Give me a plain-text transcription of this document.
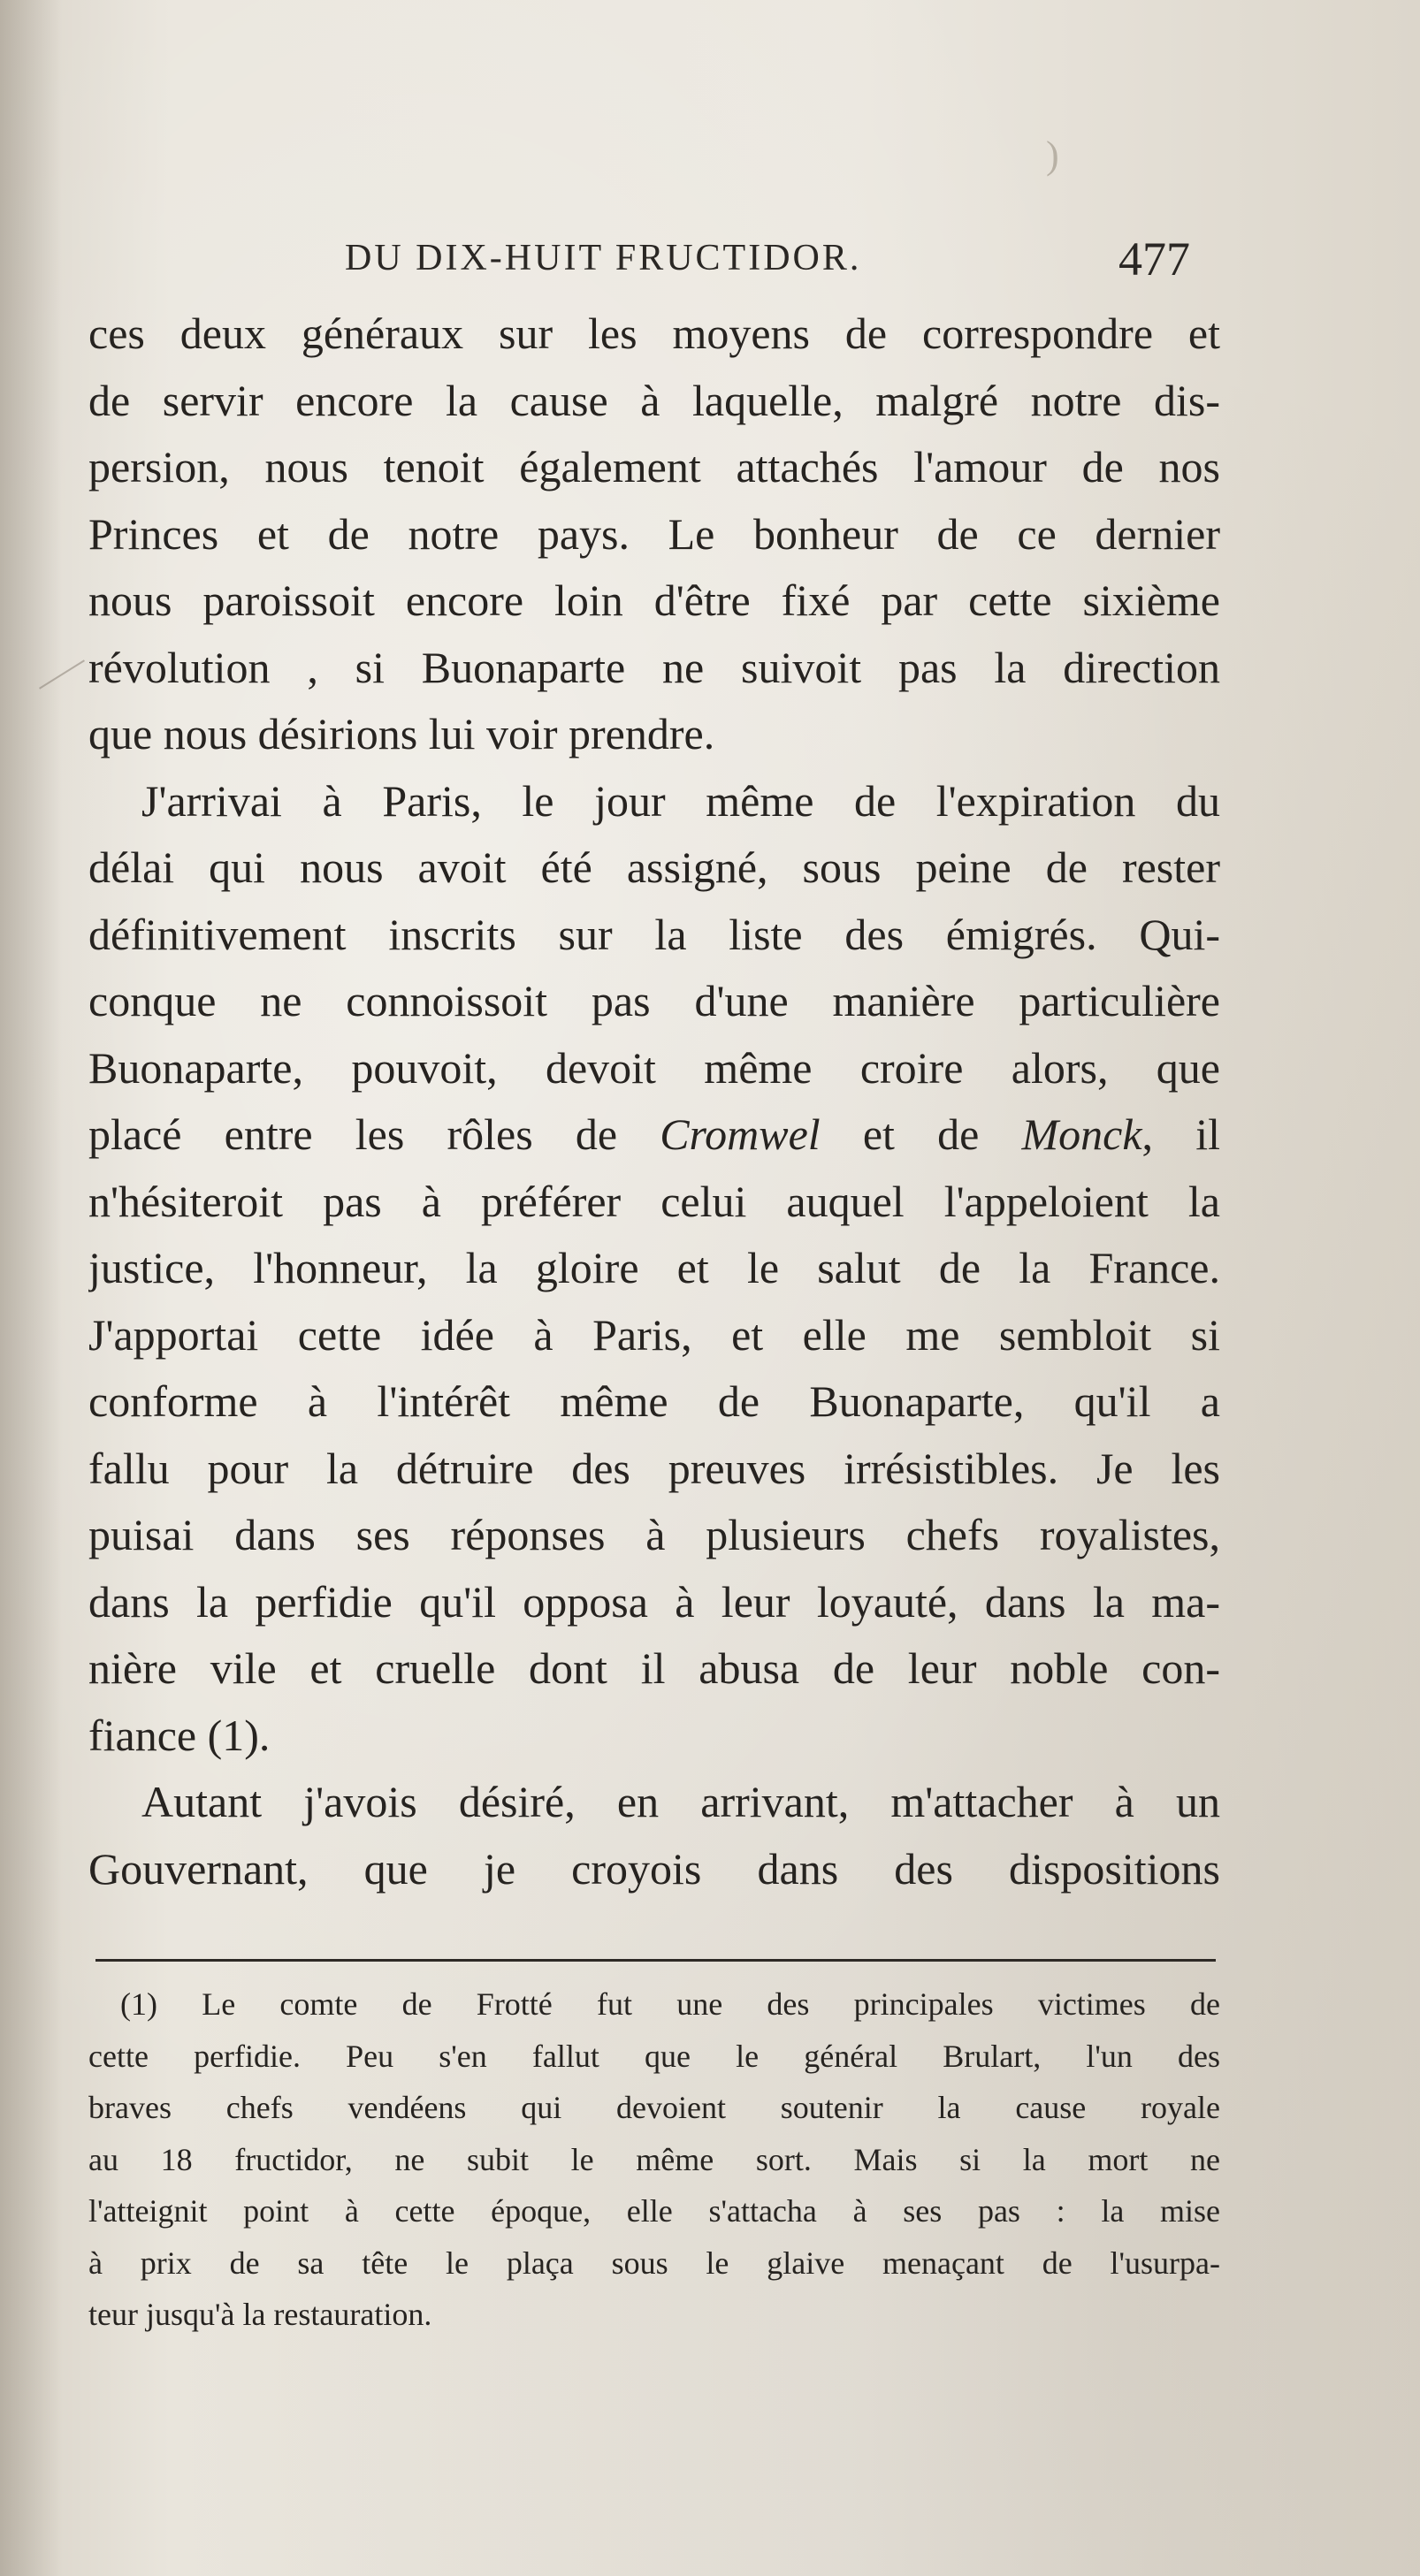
)
DU DIX-HUIT FRUCTIDOR.	477
ces deux généraux sur les moyens de correspondre et
de servir encore la cause à laquelle, malgré notre dis-
persion, nous tenoit également attachés l'amour de nos
Princes et de notre pays. Le bonheur de ce dernier
nous paroissoit encore loin d'être fixé par cette sixième
révolution , si Buonaparte ne suivoit pas la direction
que nous désirions lui voir prendre.
J'arrivai à Paris, le jour même de l'expiration du
délai qui nous avoit été assigné, sous peine de rester
définitivement inscrits sur la liste des émigrés. Qui-
conque ne connoissoit pas d'une manière particulière
Buonaparte, pouvoit, devoit même croire alors, que
placé entre les rôles de Cromwel et de Monck, il
n'hésiteroit pas à préférer celui auquel l'appeloient la
justice, l'honneur, la gloire et le salut de la France.
J'apportai cette idée à Paris, et elle me sembloit si
conforme à l'intérêt même de Buonaparte, qu'il a
fallu pour la détruire des preuves irrésistibles. Je les
puisai dans ses réponses à plusieurs chefs royalistes,
dans la perfidie qu'il opposa à leur loyauté, dans la ma-
nière vile et cruelle dont il abusa de leur noble con-
fiance (1).
Autant j'avois désiré, en arrivant, m'attacher à un
Gouvernant, que je croyois dans des dispositions
(1) Le comte de Frotté fut une des principales victimes de
cette perfidie. Peu s'en fallut que le général Brulart, l'un des
braves chefs vendéens qui devoient soutenir la cause royale
au 18 fructidor, ne subit le même sort. Mais si la mort ne
l'atteignit point à cette époque, elle s'attacha à ses pas : la mise
à prix de sa tête le plaça sous le glaive menaçant de l'usurpa-
teur jusqu'à la restauration.
